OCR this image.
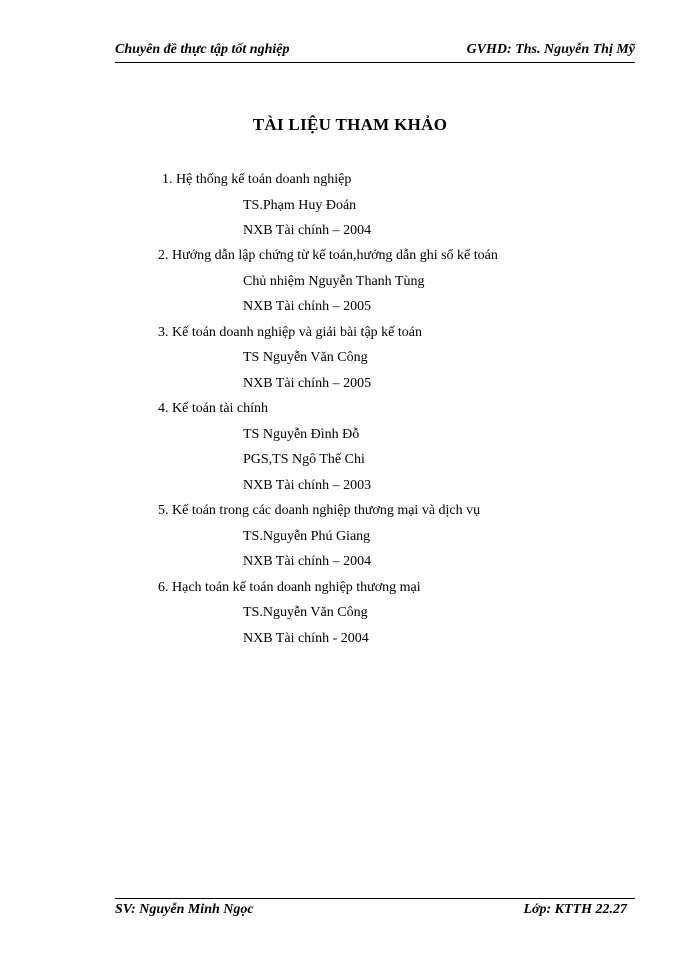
Chuyên đề thực tập tốt nghiệp	GVHD: Ths. Nguyễn Thị Mỹ
TÀI LIỆU THAM KHẢO
1. Hệ thống kế toán doanh nghiệp
TS.Phạm Huy Đoán
NXB Tài chính – 2004
2. Hướng dẫn lập chứng từ kế toán,hướng dẫn ghi sổ kế toán
Chủ nhiệm Nguyễn Thanh Tùng
NXB Tài chính – 2005
3. Kế toán doanh nghiệp và giải bài tập kế toán
TS Nguyễn Văn Công
NXB Tài chính – 2005
4. Kế toán tài chính
TS Nguyễn Đình Đỗ
PGS,TS Ngô Thế Chi
NXB Tài chính – 2003
5. Kế toán trong các doanh nghiệp thương mại và dịch vụ
TS.Nguyễn Phú Giang
NXB Tài chính – 2004
6. Hạch toán kế toán doanh nghiệp thương mại
TS.Nguyễn Văn Công
NXB Tài chính - 2004
SV: Nguyễn Minh Ngọc	Lớp: KTTH 22.27
